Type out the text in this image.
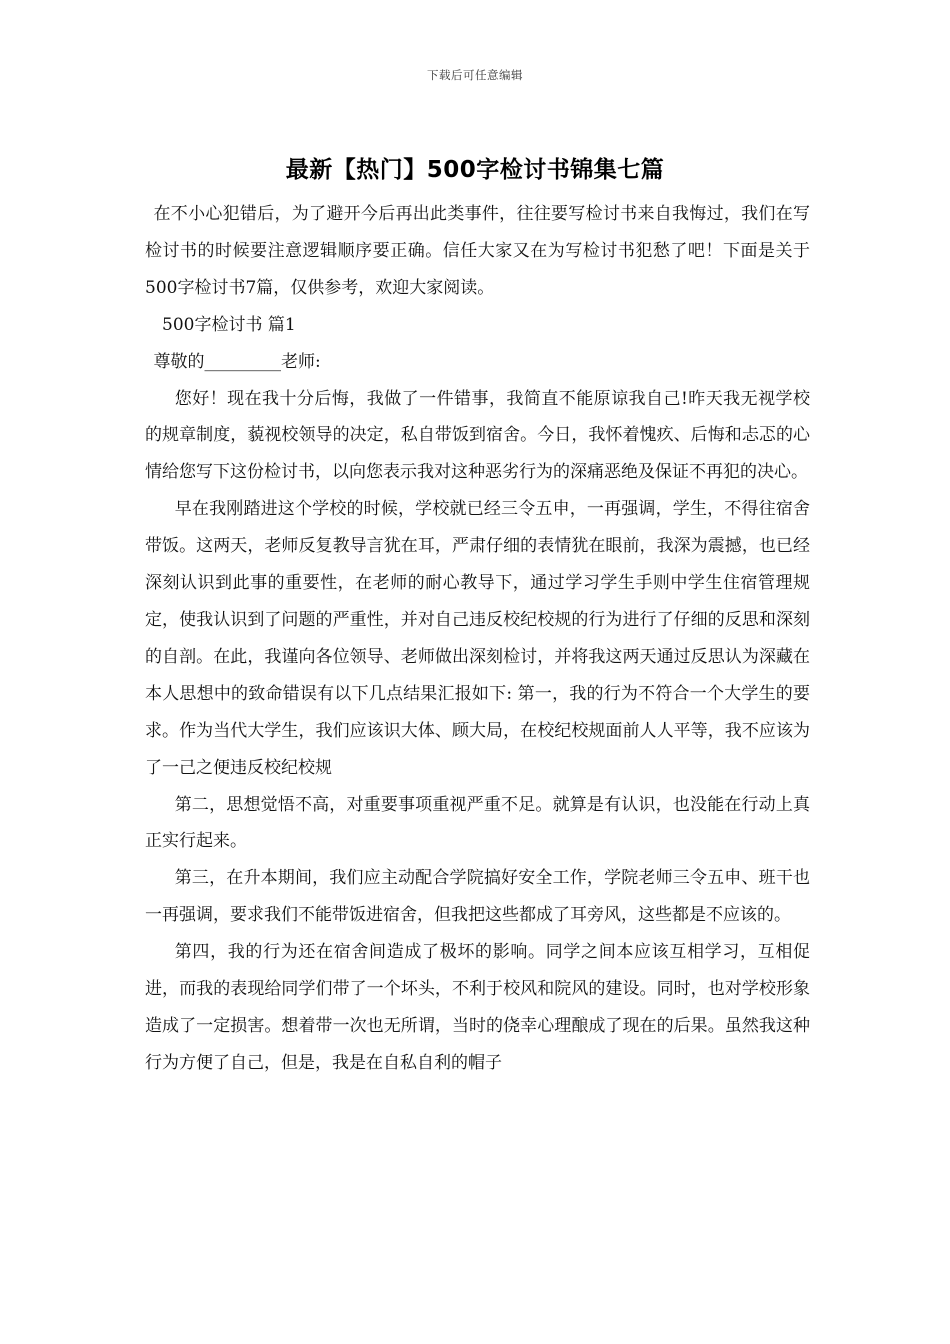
下载后可任意编辑
最新【热门】500字检讨书锦集七篇

在不小心犯错后，为了避开今后再出此类事件，往往要写检讨书来自我悔过，我们在写检讨书的时候要注意逻辑顺序要正确。信任大家又在为写检讨书犯愁了吧！下面是关于500字检讨书7篇，仅供参考，欢迎大家阅读。

500字检讨书 篇1

尊敬的_________老师:

您好！现在我十分后悔，我做了一件错事，我简直不能原谅我自己!昨天我无视学校的规章制度，藐视校领导的决定，私自带饭到宿舍。今日，我怀着愧疚、后悔和忐忑的心情给您写下这份检讨书，以向您表示我对这种恶劣行为的深痛恶绝及保证不再犯的决心。

早在我刚踏进这个学校的时候，学校就已经三令五申，一再强调，学生，不得往宿舍带饭。这两天，老师反复教导言犹在耳，严肃仔细的表情犹在眼前，我深为震撼，也已经深刻认识到此事的重要性，在老师的耐心教导下，通过学习学生手则中学生住宿管理规定，使我认识到了问题的严重性，并对自己违反校纪校规的行为进行了仔细的反思和深刻的自剖。在此，我谨向各位领导、老师做出深刻检讨，并将我这两天通过反思认为深藏在本人思想中的致命错误有以下几点结果汇报如下: 第一，我的行为不符合一个大学生的要求。作为当代大学生，我们应该识大体、顾大局，在校纪校规面前人人平等，我不应该为了一己之便违反校纪校规

第二，思想觉悟不高，对重要事项重视严重不足。就算是有认识，也没能在行动上真正实行起来。

第三，在升本期间，我们应主动配合学院搞好安全工作，学院老师三令五申、班干也一再强调，要求我们不能带饭进宿舍，但我把这些都成了耳旁风，这些都是不应该的。

第四，我的行为还在宿舍间造成了极坏的影响。同学之间本应该互相学习，互相促进，而我的表现给同学们带了一个坏头，不利于校风和院风的建设。同时，也对学校形象造成了一定损害。想着带一次也无所谓，当时的侥幸心理酿成了现在的后果。虽然我这种行为方便了自己，但是，我是在自私自利的帽子
